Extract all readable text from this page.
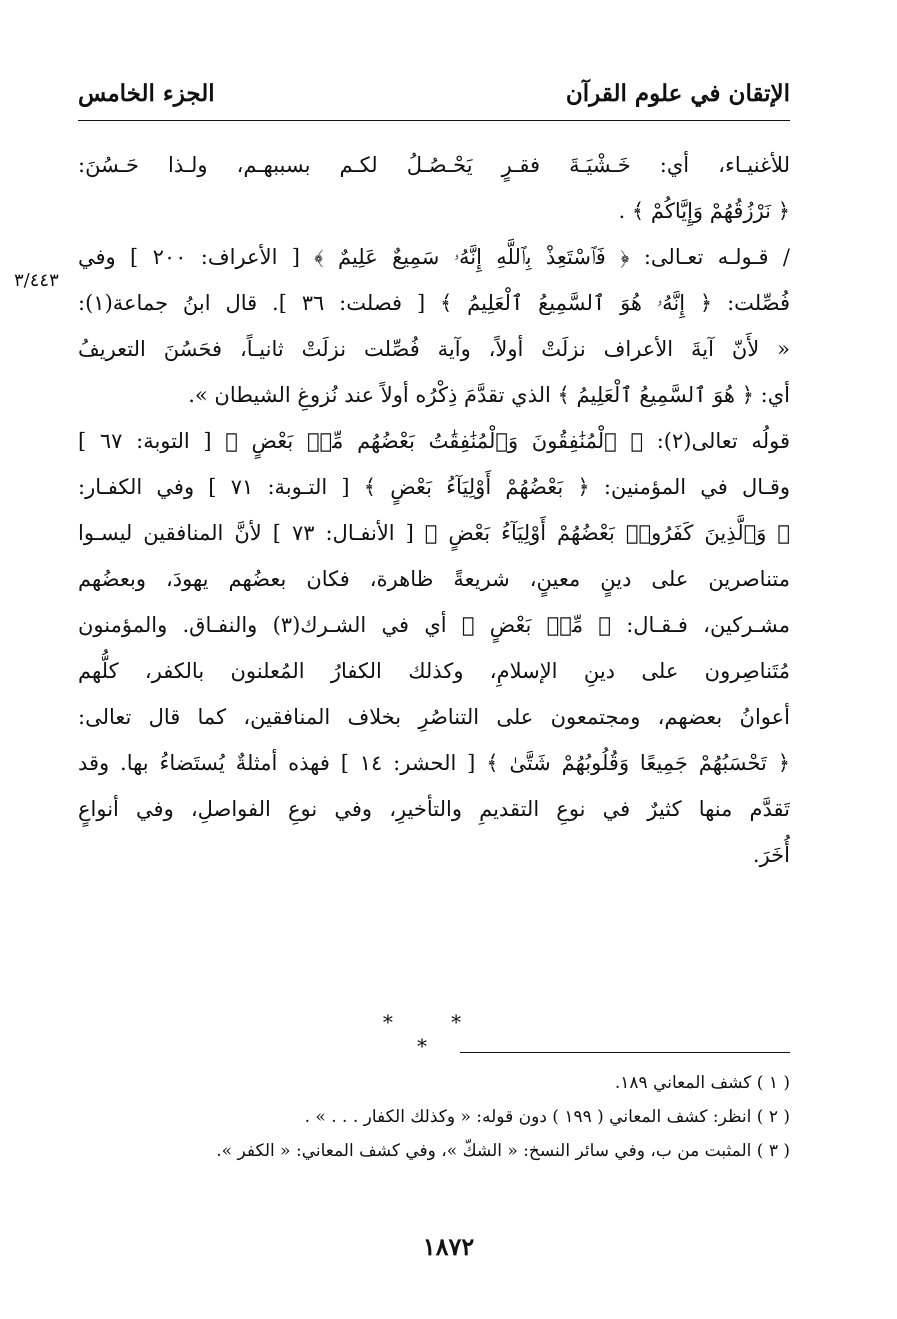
الإتقان في علوم القرآن
الجزء الخامس
٣/٤٤٣
للأغنيـاء، أي: خَـشْيَـةَ فقـرٍ يَحْـصُـلُ لكـم بسببهـم، ولـذا حَـسُنَ:
﴿ نَرْزُقُهُمْ وَإِيَّاكُمْ ﴾ .
/ قـولـه تعـالى: ﴿ فَٱسْتَعِذْ بِٱللَّهِ إِنَّهُۥ سَمِيعٌ عَلِيمٌ ﴾ [ الأعراف: ٢٠٠ ] وفي
فُصِّلت: ﴿ إِنَّهُۥ هُوَ ٱلسَّمِيعُ ٱلْعَلِيمُ ﴾ [ فصلت: ٣٦ ]. قال ابنُ جماعة(١):
« لأَنّ آيةَ الأعراف نزلَتْ أولاً، وآية فُصِّلت نزلَتْ ثانيـاً، فحَسُنَ التعريفُ
أي: ﴿ هُوَ ٱلسَّمِيعُ ٱلْعَلِيمُ ﴾ الذي تقدَّمَ ذِكْرُه أولاً عند نُزوغِ الشيطان ».
قولُه تعالى(٢): ﴿ ٱلْمُنَٰفِقُونَ وَٱلْمُنَٰفِقَٰتُ بَعْضُهُم مِّنۢ بَعْضٍ ﴾ [ التوبة: ٦٧ ]
وقـال في المؤمنين: ﴿ بَعْضُهُمْ أَوْلِيَآءُ بَعْضٍ ﴾ [ التـوبة: ٧١ ] وفي الكفـار:
﴿ وَٱلَّذِينَ كَفَرُوا۟ بَعْضُهُمْ أَوْلِيَآءُ بَعْضٍ ﴾ [ الأنفـال: ٧٣ ] لأنَّ المنافقين ليسـوا
متناصرين على دينٍ معينٍ، شريعةً ظاهرة، فكان بعضُهم يهودَ، وبعضُهم
مشـركين، فـقـال: ﴿ مِّنۢ بَعْضٍ ﴾ أي في الشـرك(٣) والنفـاق. والمؤمنون
مُتَناصِرون على دينِ الإسلامِ، وكذلك الكفارُ المُعلنون بالكفر، كلُّهم
أعوانُ بعضهم، ومجتمعون على التناصُرِ بخلاف المنافقين، كما قال تعالى:
﴿ تَحْسَبُهُمْ جَمِيعًا وَقُلُوبُهُمْ شَتَّىٰ ﴾ [ الحشر: ١٤ ] فهذه أمثلةٌ يُستَضاءُ بها. وقد
تَقدَّم منها كثيرٌ في نوعِ التقديمِ والتأخيرِ، وفي نوعِ الفواصلِ، وفي أنواعٍ
أُخَرَ.
* * *
( ١ ) كشف المعاني ١٨٩.
( ٢ ) انظر: كشف المعاني ( ١٩٩ ) دون قوله: « وكذلك الكفار . . . » .
( ٣ ) المثبت من ب، وفي سائر النسخ: « الشكّ »، وفي كشف المعاني: « الكفر ».
١٨٧٢
